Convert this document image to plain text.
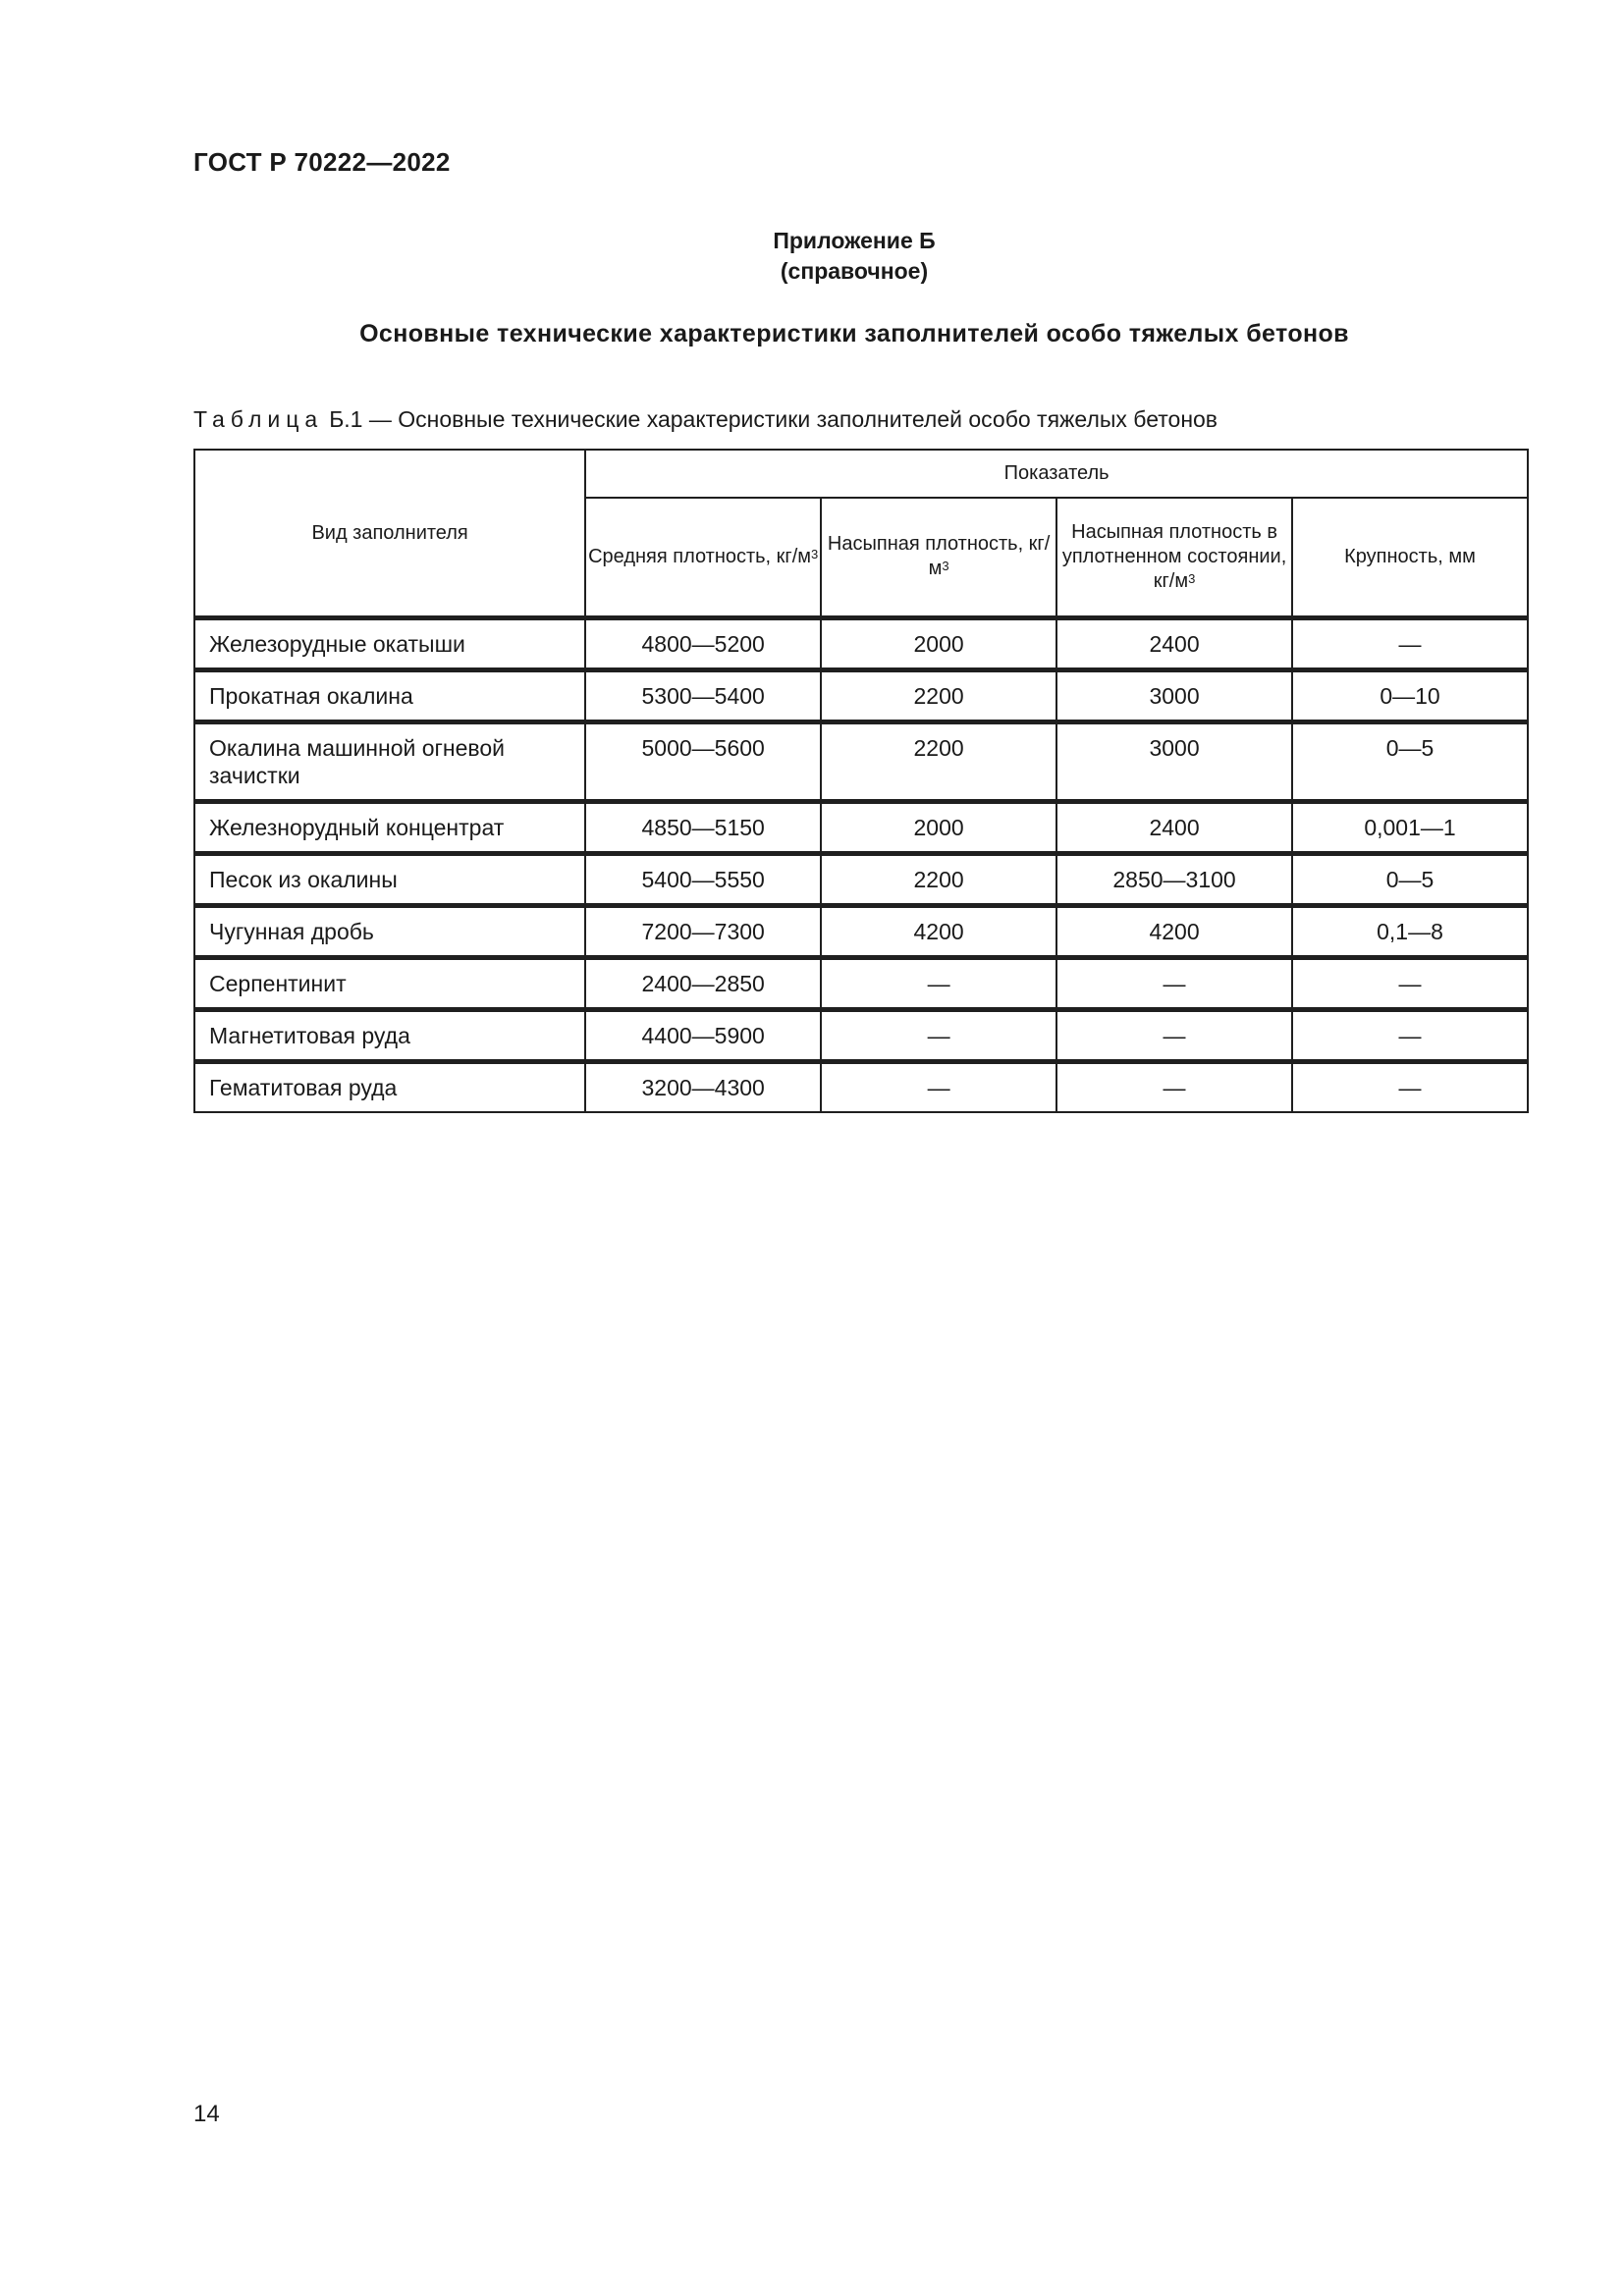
ГОСТ Р 70222—2022
Приложение Б
(справочное)
Основные технические характеристики заполнителей особо тяжелых бетонов
Таблица Б.1 — Основные технические характеристики заполнителей особо тяжелых бетонов
Вид заполнителя	Показатель			
	Средняя плотность, $кг/м^3$	Насыпная плотность, $кг/м^3$	Насыпная плотность в уплотненном состоянии, $кг/м^3$	Крупность, мм
Железорудные окатыши	4800—5200	2000	2400	—
Прокатная окалина	5300—5400	2200	3000	0—10
Окалина машинной огневой зачистки	5000—5600	2200	3000	0—5
Железнорудный концентрат	4850—5150	2000	2400	0,001—1
Песок из окалины	5400—5550	2200	2850—3100	0—5
Чугунная дробь	7200—7300	4200	4200	0,1—8
Серпентинит	2400—2850	—	—	—
Магнетитовая руда	4400—5900	—	—	—
Гематитовая руда	3200—4300	—	—	—
14
